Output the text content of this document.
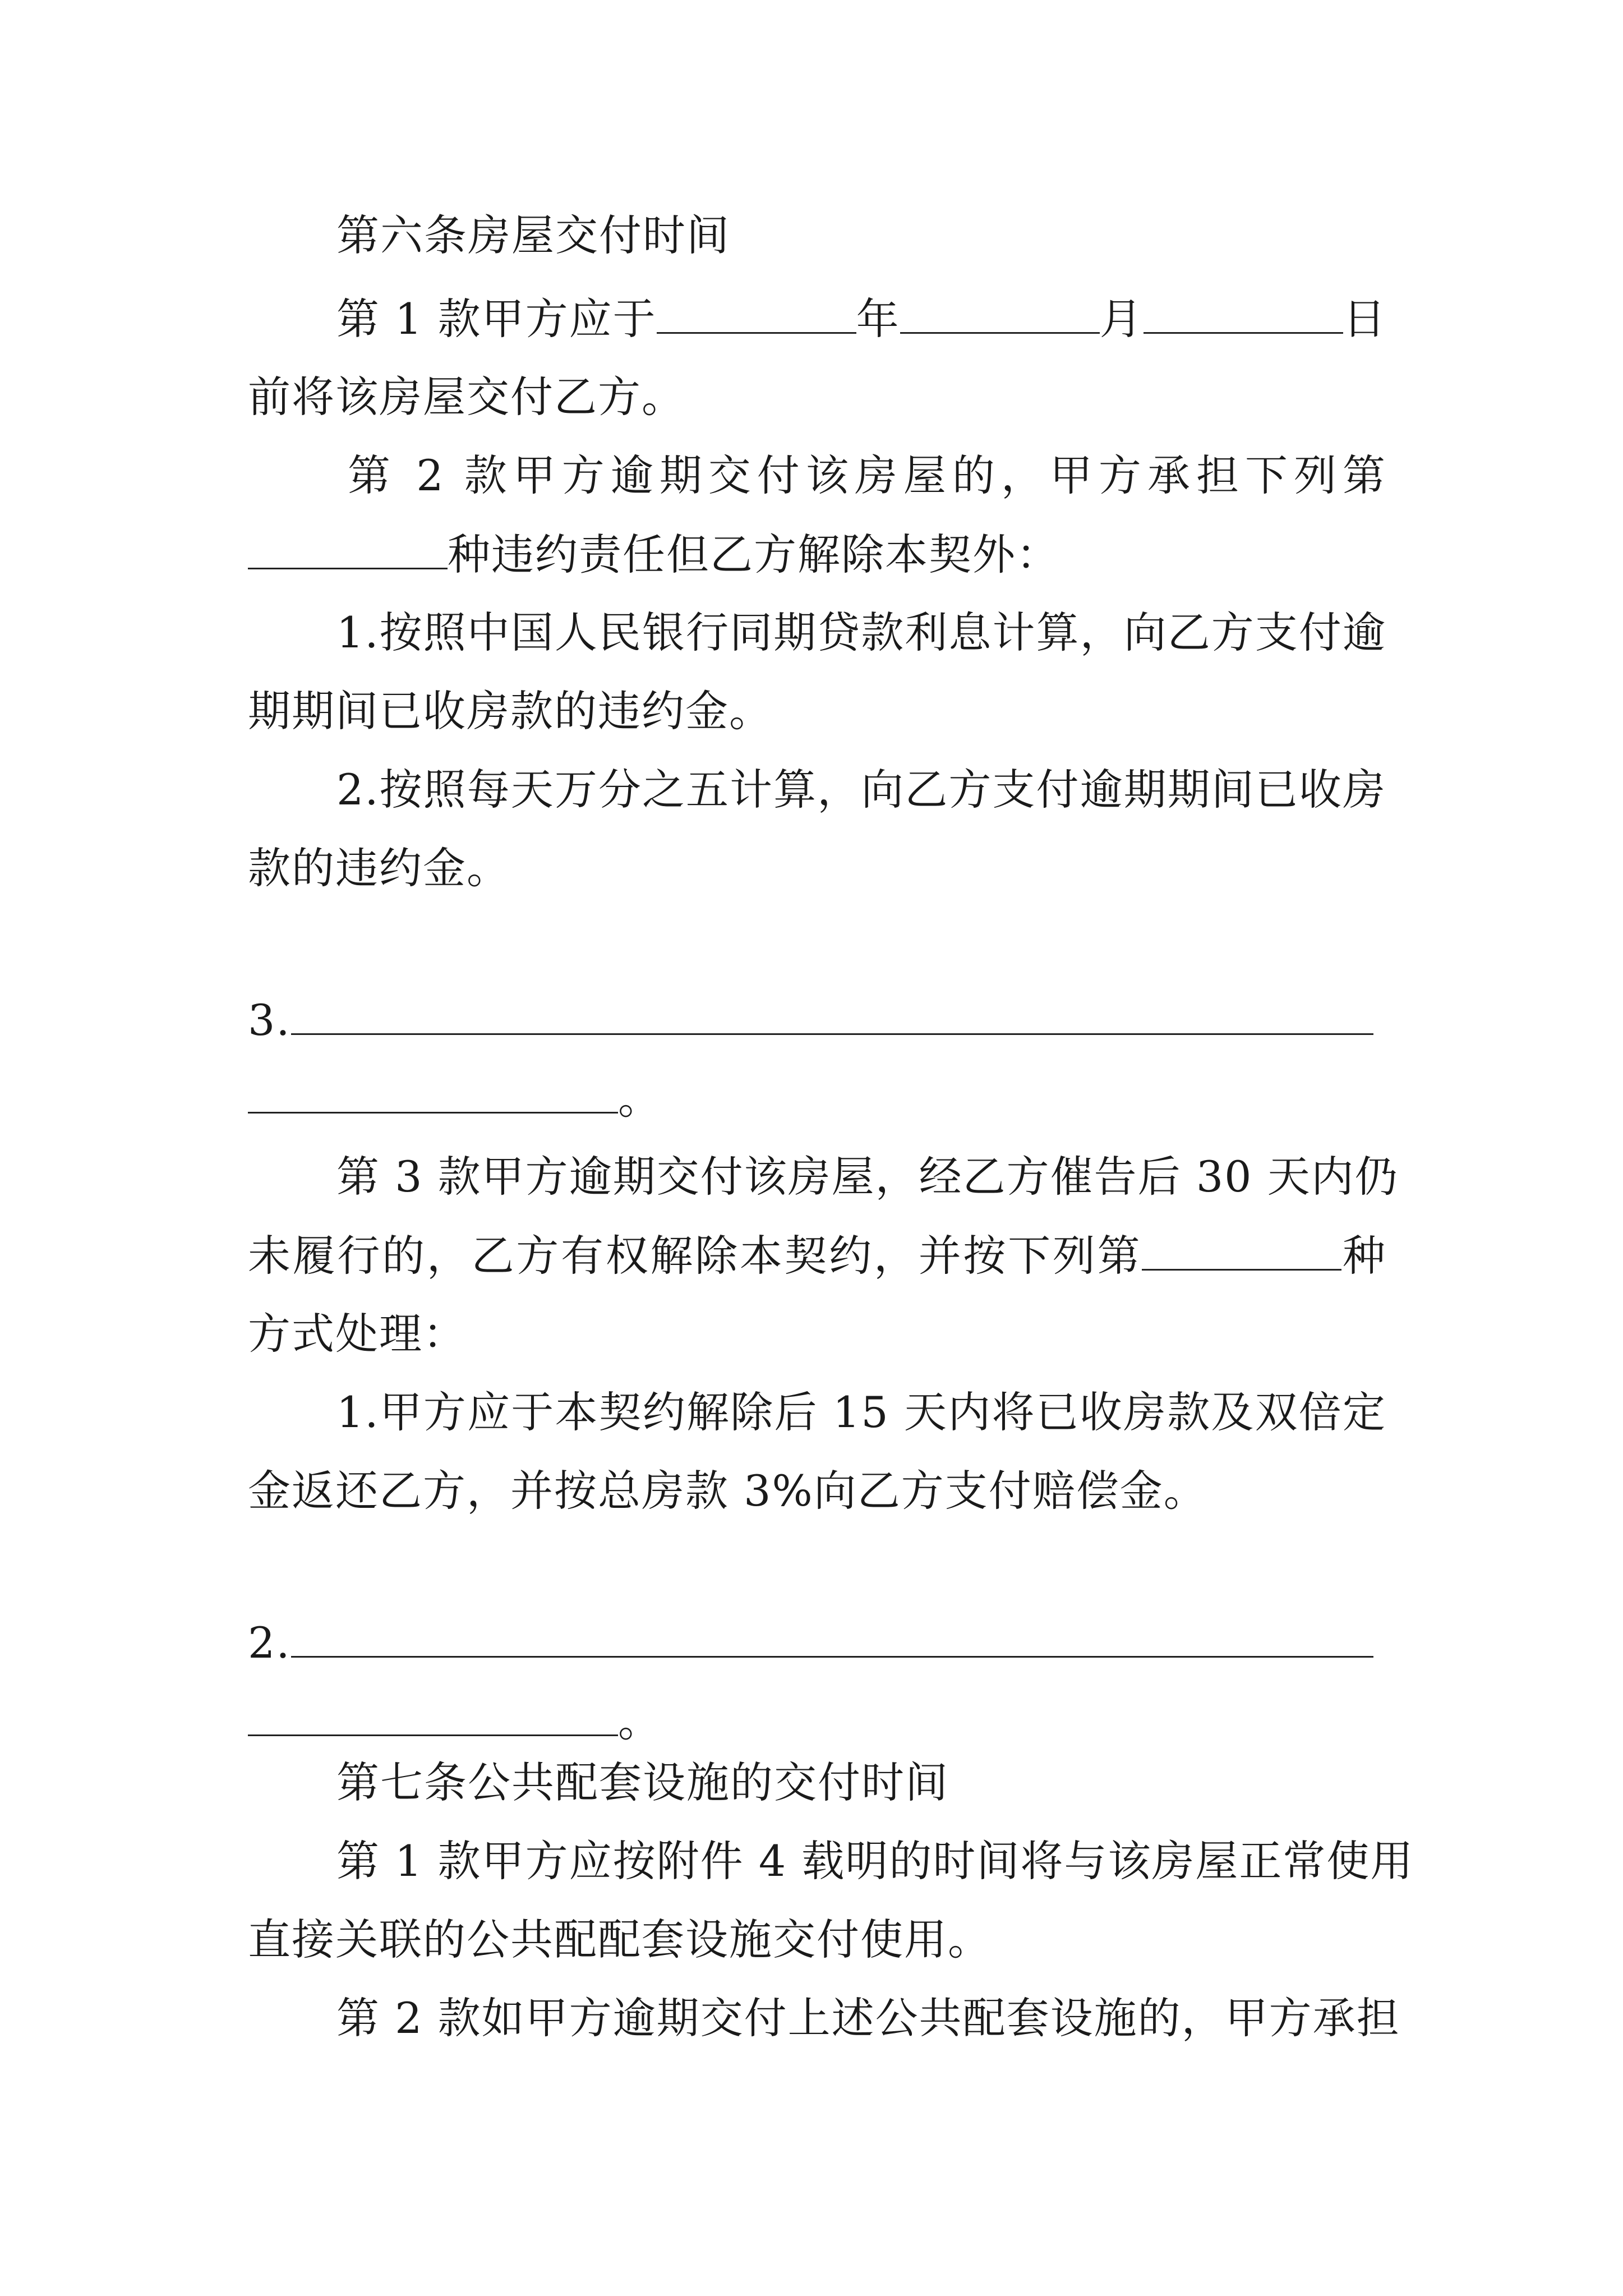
第六条房屋交付时间
第 1 款甲方应于	年	月	日
前将该房屋交付乙方。
第 2 款甲方逾期交付该房屋的，甲方承担下列第
种违约责任但乙方解除本契外：
1.按照中国人民银行同期贷款利息计算，向乙方支付逾
期期间已收房款的违约金。
2.按照每天万分之五计算，向乙方支付逾期期间已收房
款的违约金。
3.
。
第 3 款甲方逾期交付该房屋，经乙方催告后 30 天内仍
未履行的，乙方有权解除本契约，并按下列第	种
方式处理：
1.甲方应于本契约解除后 15 天内将已收房款及双倍定
金返还乙方，并按总房款 3%向乙方支付赔偿金。
2.
。
第七条公共配套设施的交付时间
第 1 款甲方应按附件 4 载明的时间将与该房屋正常使用
直接关联的公共配配套设施交付使用。
第 2 款如甲方逾期交付上述公共配套设施的，甲方承担
